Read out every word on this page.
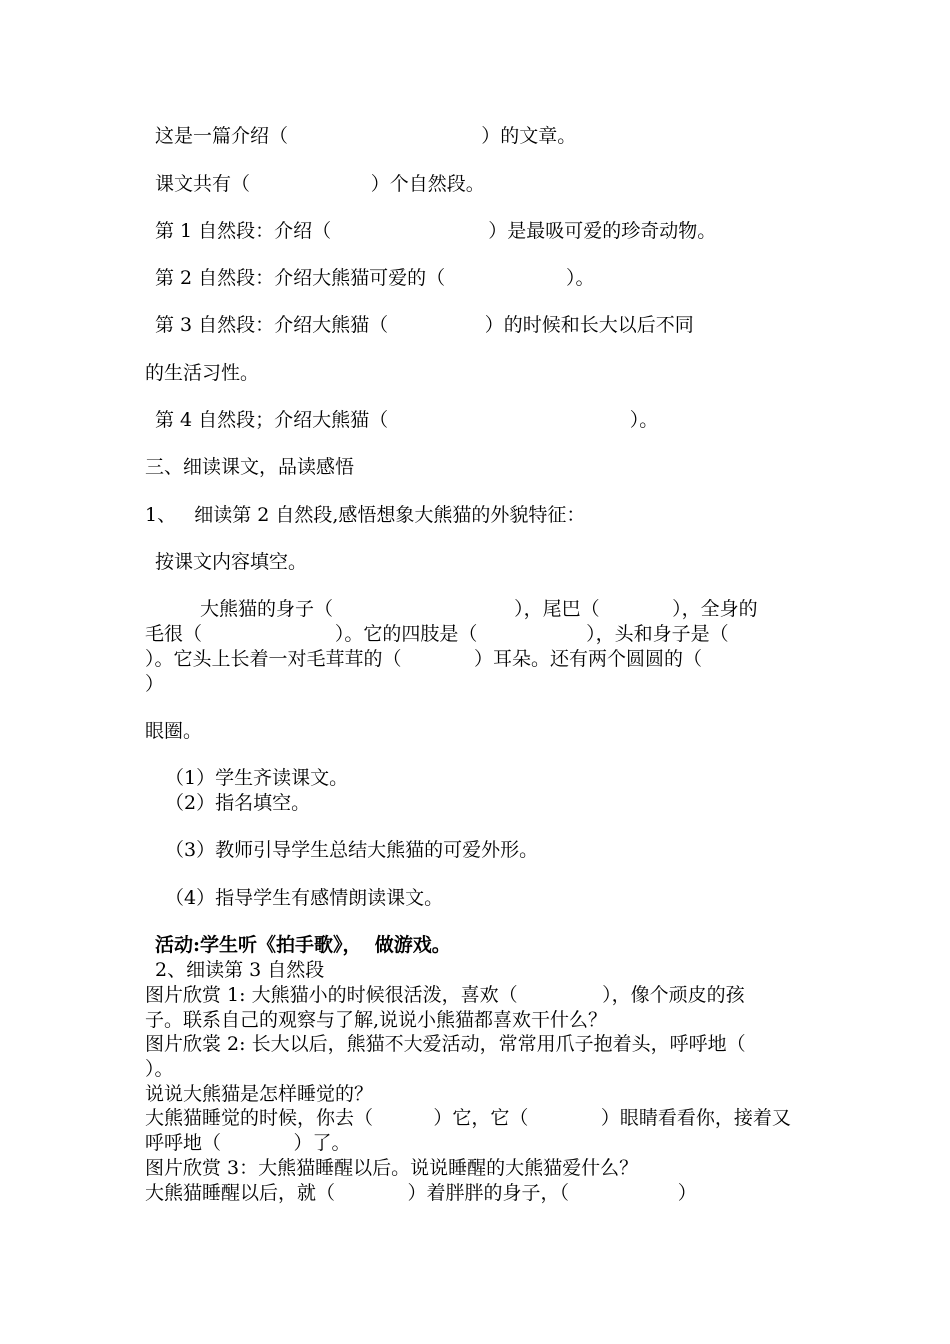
这是一篇介绍（                                ）的文章。
课文共有（                    ）个自然段。
第 1 自然段：介绍（                          ）是最吸可爱的珍奇动物。
第 2 自然段：介绍大熊猫可爱的（                    ）。
第 3 自然段：介绍大熊猫（                ）的时候和长大以后不同
的生活习性。
第 4 自然段；介绍大熊猫（                                        ）。
三、细读课文，品读感悟
1、   细读第 2 自然段,感悟想象大熊猫的外貌特征：
按课文内容填空。
大熊猫的身子（                              ），尾巴（            ），全身的
毛很（                      ）。它的四肢是（                  ），头和身子是（
）。它头上长着一对毛茸茸的（            ）耳朵。还有两个圆圆的（
）
眼圈。
（1）学生齐读课文。
（2）指名填空。
（3）教师引导学生总结大熊猫的可爱外形。
（4）指导学生有感情朗读课文。
活动:学生听《拍手歌》，  做游戏。
2、细读第 3 自然段
图片欣赏 1: 大熊猫小的时候很活泼，喜欢（              ），像个顽皮的孩
子。联系自己的观察与了解,说说小熊猫都喜欢干什么？
图片欣裳 2: 长大以后，熊猫不大爱活动，常常用爪子抱着头，呼呼地（
）。
说说大熊猫是怎样睡觉的？
大熊猫睡觉的时候，你去（          ）它，它（            ）眼睛看看你，接着又
呼呼地（            ）了。
图片欣赏 3：大熊猫睡醒以后。说说睡醒的大熊猫爱什么？
大熊猫睡醒以后，就（            ）着胖胖的身子，（                  ）
